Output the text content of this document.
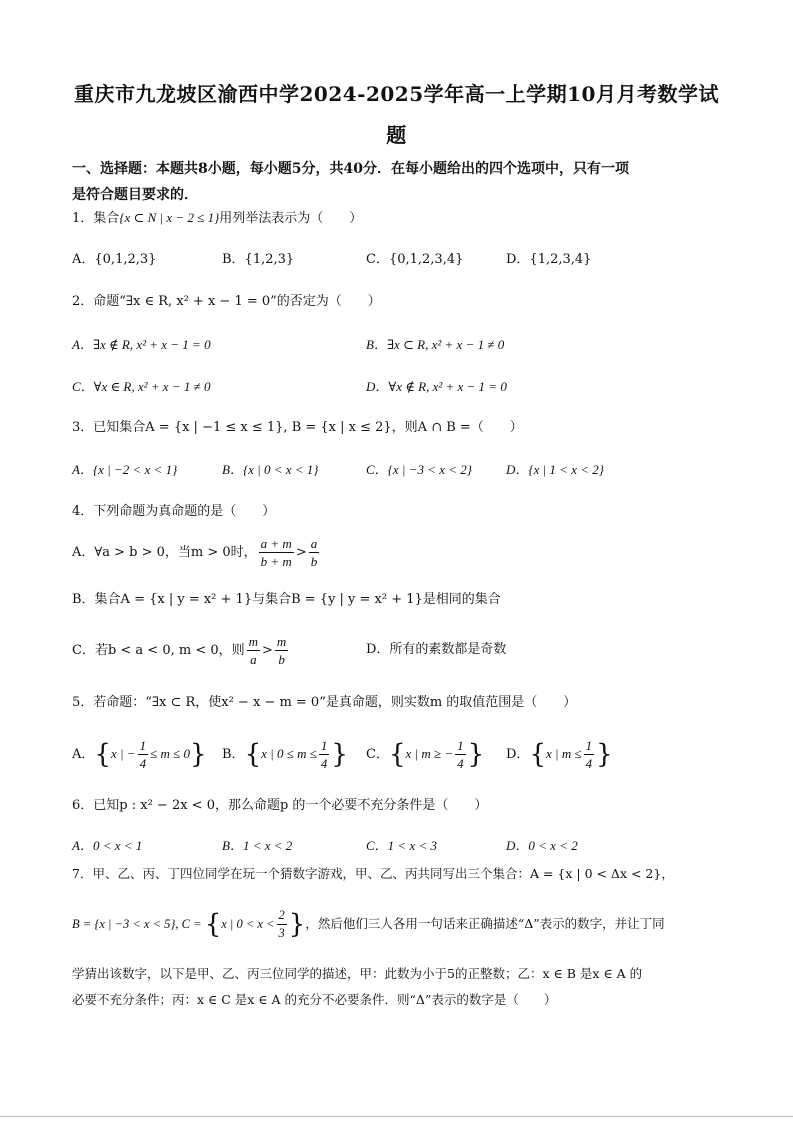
重庆市九龙坡区渝西中学2024-2025学年高一上学期10月月考数学试
题
一、选择题：本题共8小题，每小题5分，共40分．在每小题给出的四个选项中，只有一项
是符合题目要求的．
1．集合{x ⊂ N | x − 2 ≤ 1}用列举法表示为（　　）
A．{0,1,2,3}	B．{1,2,3}	C．{0,1,2,3,4}	D．{1,2,3,4}
2．命题“∃x ∈ R, x² + x − 1 = 0”的否定为（　　）
A．∃x ∉ R, x² + x − 1 = 0	B．∃x ⊂ R, x² + x − 1 ≠ 0
C．∀x ∈ R, x² + x − 1 ≠ 0	D．∀x ∉ R, x² + x − 1 = 0
3．已知集合A = {x | −1 ≤ x ≤ 1}, B = {x | x ≤ 2}，则A ∩ B =（　　）
A．{x | −2 < x < 1}	B．{x | 0 < x < 1}	C．{x | −3 < x < 2}	D．{x | 1 < x < 2}
4．下列命题为真命题的是（　　）
A．∀a > b > 0，当m > 0时， $\frac{a + m}{b + m} > \frac{a}{b}$
B．集合A = {x | y = x² + 1}与集合B = {y | y = x² + 1}是相同的集合
C．若b < a < 0, m < 0，则 $\frac{m}{a} > \frac{m}{b}$	D．所有的素数都是奇数
5．若命题：“∃x ⊂ R，使x² − x − m = 0”是真命题，则实数m 的取值范围是（　　）
A．{x | − $\frac{1}{4} \le m \le 0$} B．{x | $0 \le m \le \frac{1}{4}$ } C．{x | m ≥ − $\frac{1}{4}$ } D．{x | $m \le \frac{1}{4}$ }
6．已知p : x² − 2x < 0，那么命题p 的一个必要不充分条件是（　　）
A．0 < x < 1	B．1 < x < 2	C．1 < x < 3	D．0 < x < 2
7．甲、乙、丙、丁四位同学在玩一个猜数字游戏，甲、乙、丙共同写出三个集合：A = {x | 0 < Δx < 2}，
B = {x | −3 < x < 5}, C = {x | $0 < x < \frac{2}{3}$ }，然后他们三人各用一句话来正确描述“Δ”表示的数字，并让丁同
学猜出该数字，以下是甲、乙、丙三位同学的描述，甲：此数为小于5的正整数；乙：x ∈ B 是x ∈ A 的
必要不充分条件；丙：x ∈ C 是x ∈ A 的充分不必要条件．则“Δ”表示的数字是（　　）
